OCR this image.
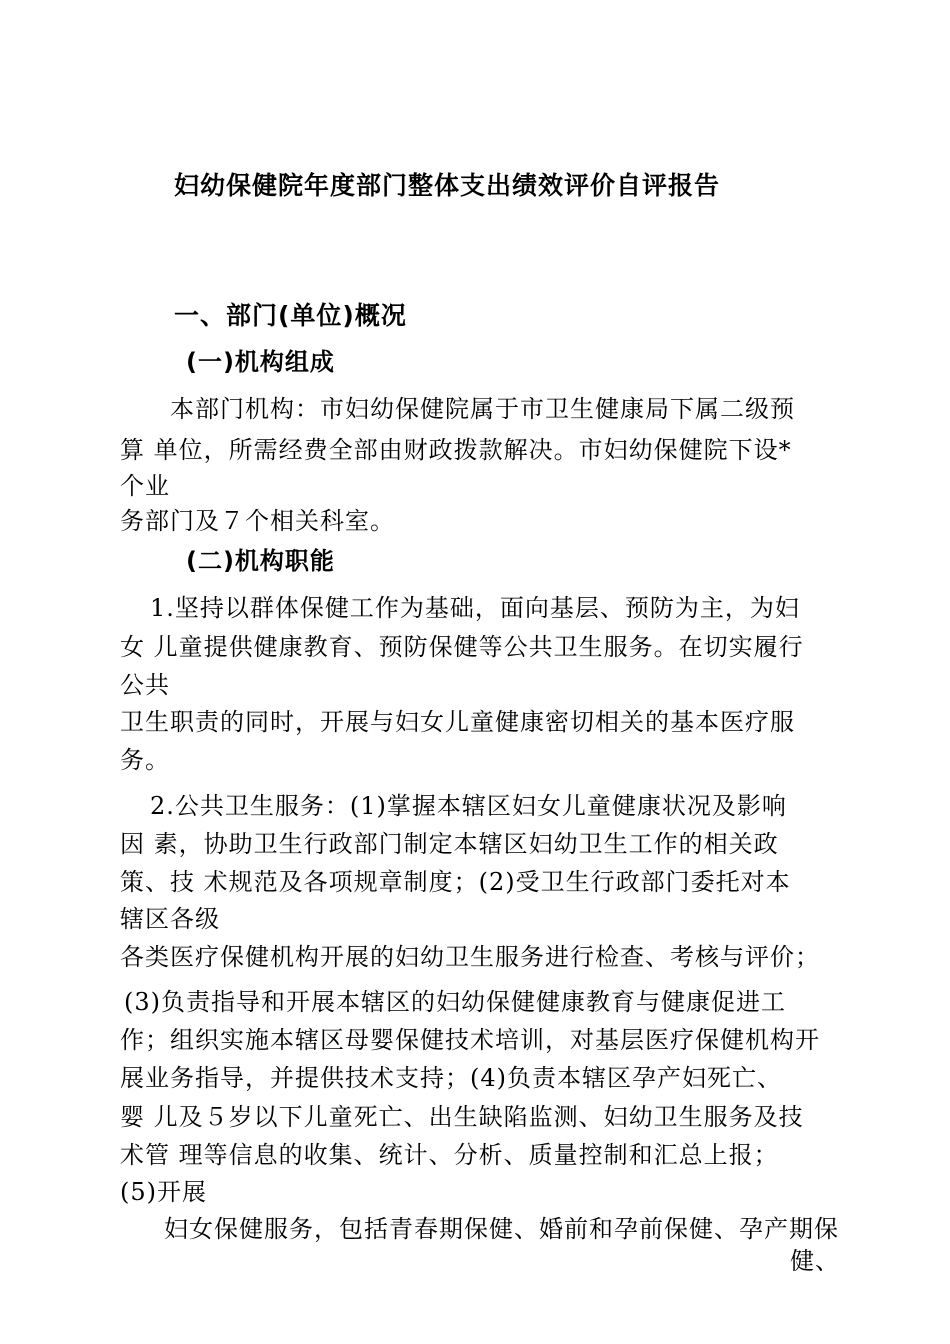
妇幼保健院年度部门整体支出绩效评价自评报告
一、部门(单位)概况
(一)机构组成
本部门机构：市妇幼保健院属于市卫生健康局下属二级预
算 单位，所需经费全部由财政拨款解决。市妇幼保健院下设*
个业
务部门及７个相关科室。
(二)机构职能
1.坚持以群体保健工作为基础，面向基层、预防为主，为妇
女 儿童提供健康教育、预防保健等公共卫生服务。在切实履行
公共
卫生职责的同时，开展与妇女儿童健康密切相关的基本医疗服
务。
2.公共卫生服务：(1)掌握本辖区妇女儿童健康状况及影响
因 素，协助卫生行政部门制定本辖区妇幼卫生工作的相关政
策、技 术规范及各项规章制度；(2)受卫生行政部门委托对本
辖区各级
各类医疗保健机构开展的妇幼卫生服务进行检查、考核与评价；
(3)负责指导和开展本辖区的妇幼保健健康教育与健康促进工
作；组织实施本辖区母婴保健技术培训，对基层医疗保健机构开
展业务指导，并提供技术支持；(4)负责本辖区孕产妇死亡、
婴 儿及５岁以下儿童死亡、出生缺陷监测、妇幼卫生服务及技
术管 理等信息的收集、统计、分析、质量控制和汇总上报；
(5)开展
妇女保健服务，包括青春期保健、婚前和孕前保健、孕产期保
健、
